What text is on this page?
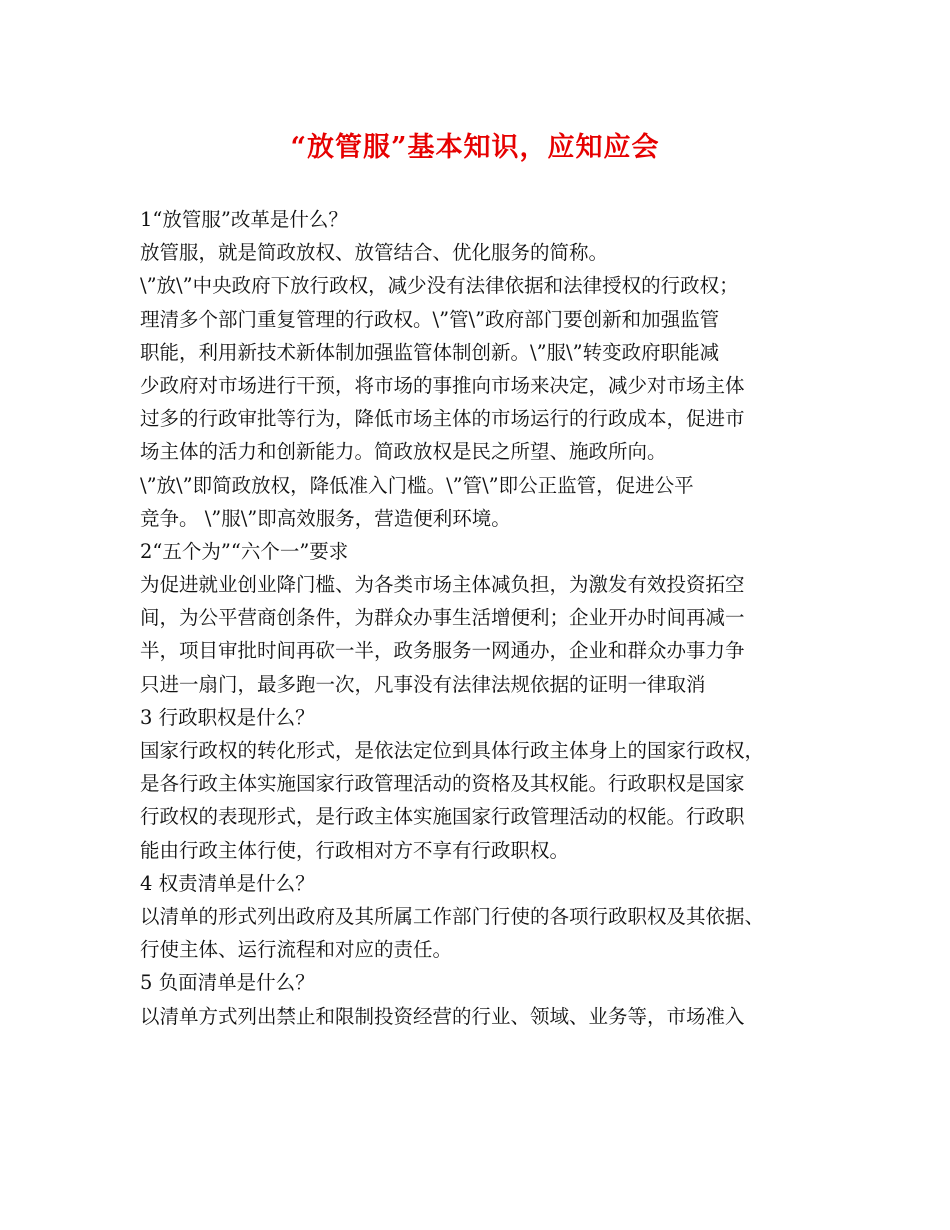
“放管服”基本知识，应知应会
1“放管服”改革是什么？
放管服，就是简政放权、放管结合、优化服务的简称。
\”放\”中央政府下放行政权，减少没有法律依据和法律授权的行政权；
理清多个部门重复管理的行政权。\”管\”政府部门要创新和加强监管
职能，利用新技术新体制加强监管体制创新。\”服\”转变政府职能减
少政府对市场进行干预，将市场的事推向市场来决定，减少对市场主体
过多的行政审批等行为，降低市场主体的市场运行的行政成本，促进市
场主体的活力和创新能力。简政放权是民之所望、施政所向。
\”放\”即简政放权，降低准入门槛。\”管\”即公正监管，促进公平
竞争。 \”服\”即高效服务，营造便利环境。
2“五个为”“六个一”要求
为促进就业创业降门槛、为各类市场主体减负担，为激发有效投资拓空
间，为公平营商创条件，为群众办事生活增便利；企业开办时间再减一
半，项目审批时间再砍一半，政务服务一网通办，企业和群众办事力争
只进一扇门，最多跑一次，凡事没有法律法规依据的证明一律取消
3 行政职权是什么？
国家行政权的转化形式，是依法定位到具体行政主体身上的国家行政权，
是各行政主体实施国家行政管理活动的资格及其权能。行政职权是国家
行政权的表现形式，是行政主体实施国家行政管理活动的权能。行政职
能由行政主体行使，行政相对方不享有行政职权。
4 权责清单是什么？
以清单的形式列出政府及其所属工作部门行使的各项行政职权及其依据、
行使主体、运行流程和对应的责任。
5 负面清单是什么？
以清单方式列出禁止和限制投资经营的行业、领域、业务等，市场准入
